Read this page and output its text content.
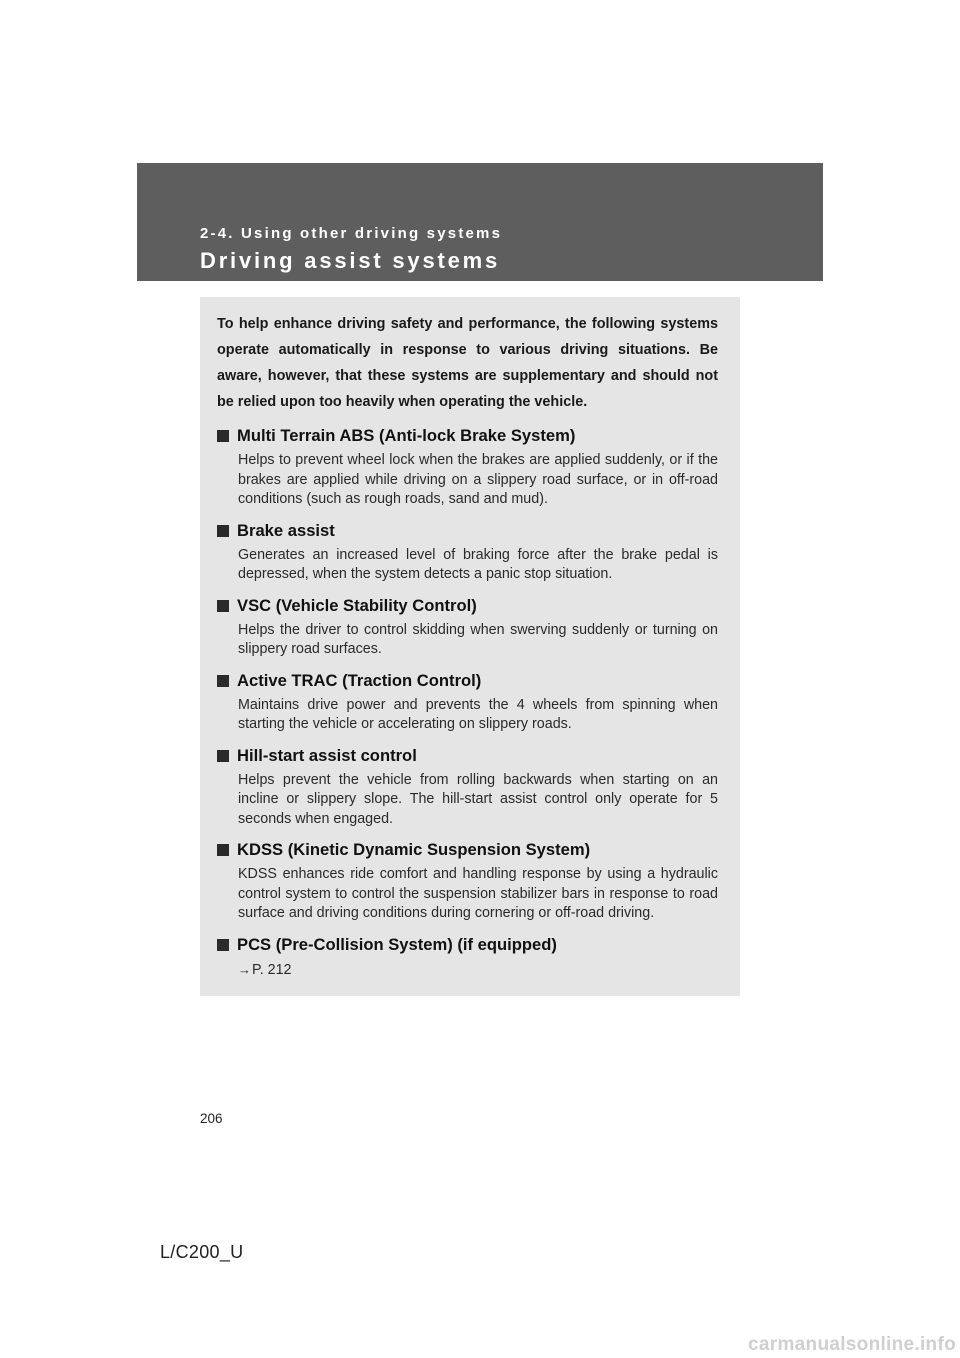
2-4. Using other driving systems
Driving assist systems

To help enhance driving safety and performance, the following systems operate automatically in response to various driving situations. Be aware, however, that these systems are supplementary and should not be relied upon too heavily when operating the vehicle.

Multi Terrain ABS (Anti-lock Brake System)
Helps to prevent wheel lock when the brakes are applied suddenly, or if the brakes are applied while driving on a slippery road surface, or in off-road conditions (such as rough roads, sand and mud).
Brake assist
Generates an increased level of braking force after the brake pedal is depressed, when the system detects a panic stop situation.
VSC (Vehicle Stability Control)
Helps the driver to control skidding when swerving suddenly or turning on slippery road surfaces.
Active TRAC (Traction Control)
Maintains drive power and prevents the 4 wheels from spinning when starting the vehicle or accelerating on slippery roads.
Hill-start assist control
Helps prevent the vehicle from rolling backwards when starting on an incline or slippery slope. The hill-start assist control only operate for 5 seconds when engaged.
KDSS (Kinetic Dynamic Suspension System)
KDSS enhances ride comfort and handling response by using a hydraulic control system to control the suspension stabilizer bars in response to road surface and driving conditions during cornering or off-road driving.
PCS (Pre-Collision System) (if equipped)
→ P. 212
206
L/C200_U
carmanualsonline.info
